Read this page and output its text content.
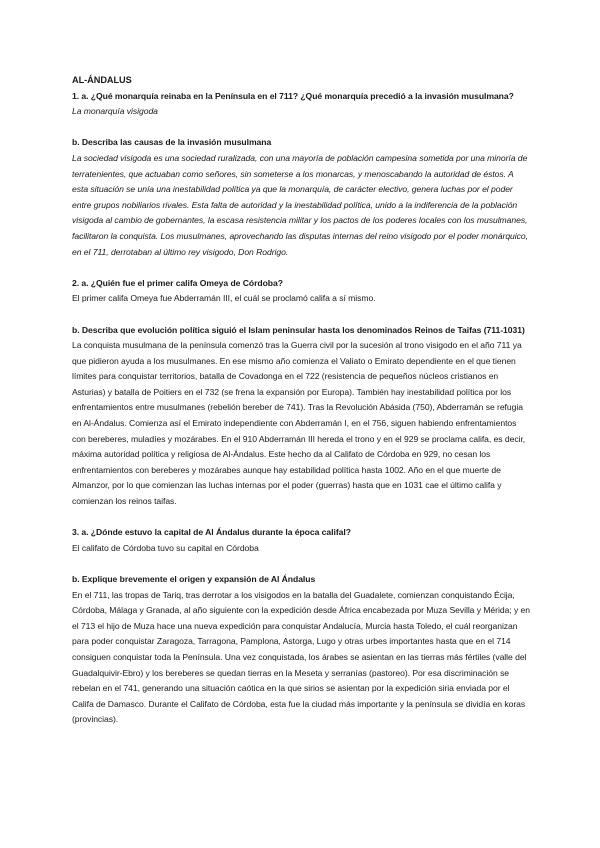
AL-ÁNDALUS

1. a. ¿Qué monarquía reinaba en la Península en el 711? ¿Qué monarquía precedió a la invasión musulmana?

La monarquía visigoda

b. Describa las causas de la invasión musulmana

La sociedad visigoda es una sociedad ruralizada, con una mayoría de población campesina sometida por una minoría de terratenientes, que actuaban como señores, sin someterse a los monarcas, y menoscabando la autoridad de éstos. A esta situación se unía una inestabilidad política ya que la monarquía, de carácter electivo, genera luchas por el poder entre grupos nobiliarios rivales. Esta falta de autoridad y la inestabilidad política, unido a la indiferencia de la población visigoda al cambio de gobernantes, la escasa resistencia militar y los pactos de los poderes locales con los musulmanes, facilitaron la conquista. Los musulmanes, aprovechando las disputas internas del reino visigodo por el poder monárquico, en el 711, derrotaban al último rey visigodo, Don Rodrigo.

2. a. ¿Quién fue el primer califa Omeya de Córdoba?

El primer califa Omeya fue Abderramán III, el cuál se proclamó califa a sí mismo.

b. Describa que evolución política siguió el Islam peninsular hasta los denominados Reinos de Taifas (711-1031)

La conquista musulmana de la península comenzó tras la Guerra civil por la sucesión al trono visigodo en el año 711 ya que pidieron ayuda a los musulmanes. En ese mismo año comienza el Valiato o Emirato dependiente en el que tienen límites para conquistar territorios, batalla de Covadonga en el 722 (resistencia de pequeños núcleos cristianos en Asturias) y batalla de Poitiers en el 732 (se frena la expansión por Europa). También hay inestabilidad política por los enfrentamientos entre musulmanes (rebelión bereber de 741). Tras la Revolución Abásida (750), Abderramán se refugia en Al-Ándalus. Comienza así el Emirato independiente con Abderramán I, en el 756, siguen habiendo enfrentamientos con bereberes, muladíes y mozárabes. En el 910 Abderramán III hereda el trono y en el 929 se proclama califa, es decir, máxima autoridad política y religiosa de Al-Ándalus. Este hecho da al Califato de Córdoba en 929, no cesan los enfrentamientos con bereberes y mozárabes aunque hay estabilidad política hasta 1002. Año en el que muerte de Almanzor, por lo que comienzan las luchas internas por el poder (guerras) hasta que en 1031 cae el último califa y comienzan los reinos taifas.

3. a. ¿Dónde estuvo la capital de Al Ándalus durante la época califal?

El califato de Córdoba tuvo su capital en Córdoba

b. Explique brevemente el origen y expansión de Al Ándalus

En el 711, las tropas de Tariq, tras derrotar a los visigodos en la batalla del Guadalete, comienzan conquistando Écija, Córdoba, Málaga y Granada, al año siguiente con la expedición desde África encabezada por Muza Sevilla y Mérida; y en el 713 el hijo de Muza hace una nueva expedición para conquistar Andalucía, Murcia hasta Toledo, el cuál reorganizan para poder conquistar Zaragoza, Tarragona, Pamplona, Astorga, Lugo y otras urbes importantes hasta que en el 714 consiguen conquistar toda la Península. Una vez conquistada, los árabes se asientan en las tierras más fértiles (valle del Guadalquivir-Ebro) y los bereberes se quedan tierras en la Meseta y serranías (pastoreo). Por esa discriminación se rebelan en el 741, generando una situación caótica en la que sirios se asientan por la expedición siria enviada por el Califa de Damasco. Durante el Califato de Córdoba, esta fue la ciudad más importante y la península se dividía en koras (provincias).
